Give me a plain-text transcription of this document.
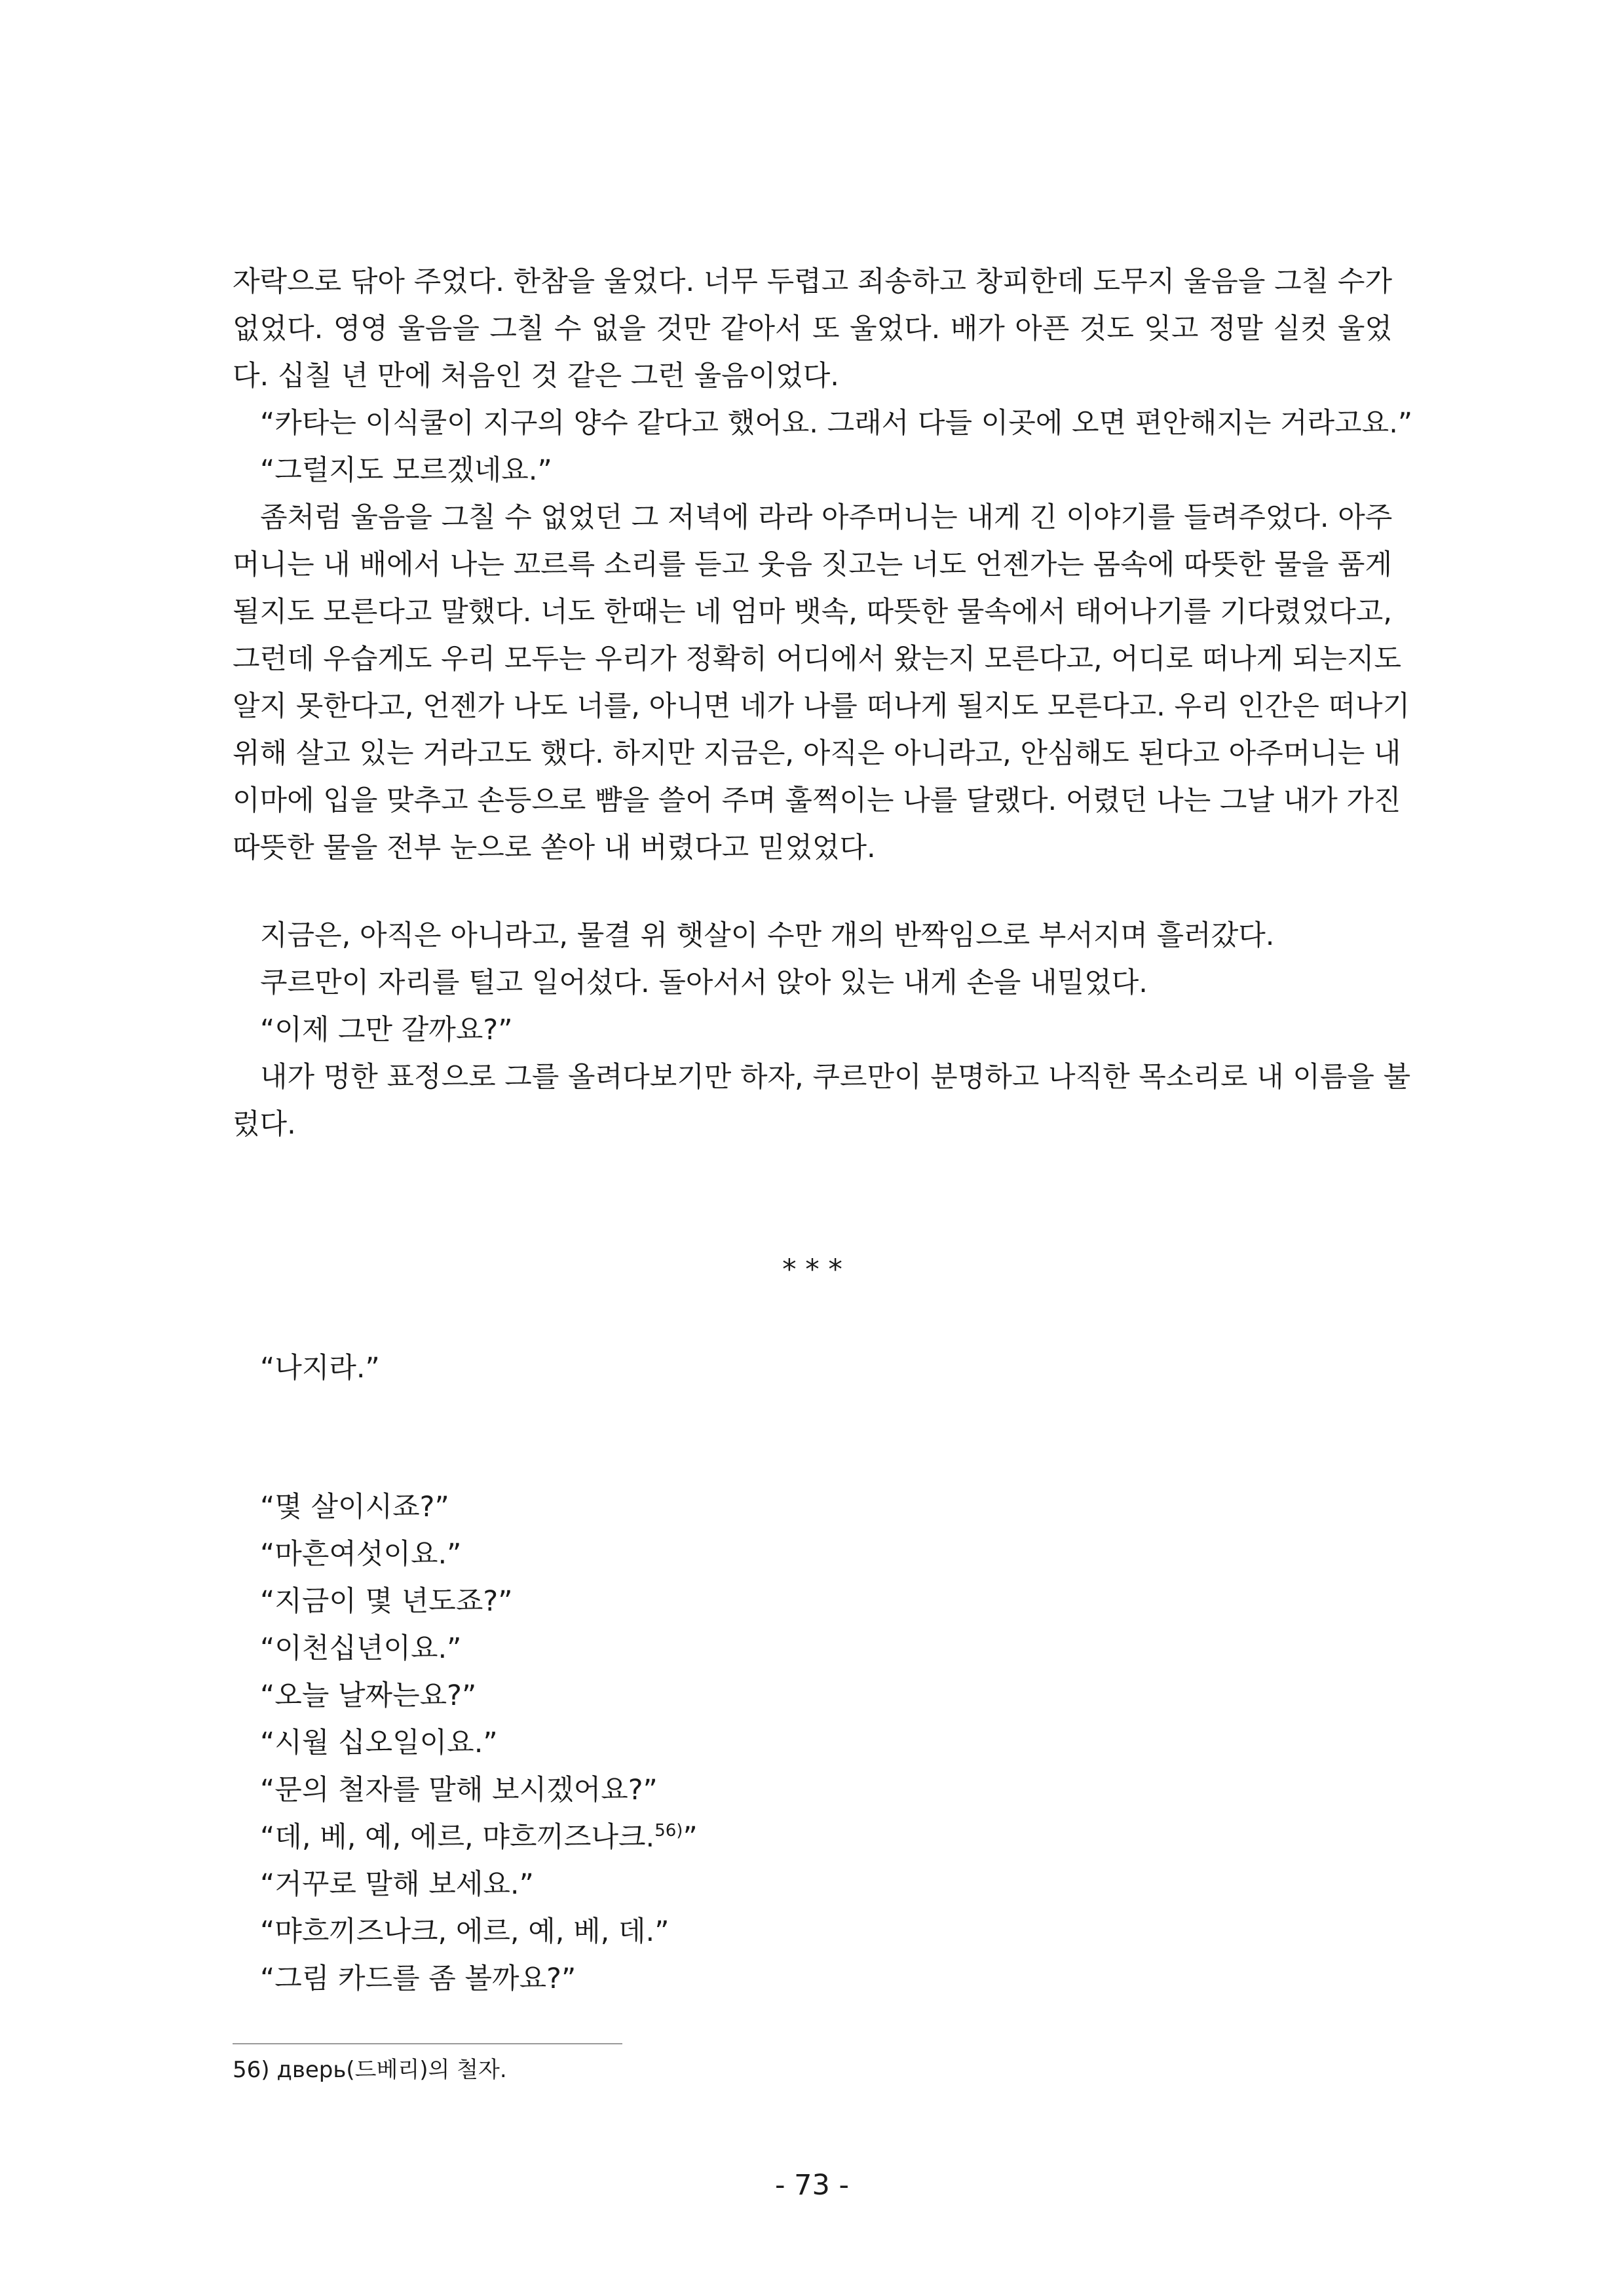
자락으로 닦아 주었다. 한참을 울었다. 너무 두렵고 죄송하고 창피한데 도무지 울음을 그칠 수가

없었다. 영영 울음을 그칠 수 없을 것만 같아서 또 울었다. 배가 아픈 것도 잊고 정말 실컷 울었

다. 십칠 년 만에 처음인 것 같은 그런 울음이었다.

“카타는 이식쿨이 지구의 양수 같다고 했어요. 그래서 다들 이곳에 오면 편안해지는 거라고요.”

“그럴지도 모르겠네요.”

좀처럼 울음을 그칠 수 없었던 그 저녁에 라라 아주머니는 내게 긴 이야기를 들려주었다. 아주

머니는 내 배에서 나는 꼬르륵 소리를 듣고 웃음 짓고는 너도 언젠가는 몸속에 따뜻한 물을 품게

될지도 모른다고 말했다. 너도 한때는 네 엄마 뱃속, 따뜻한 물속에서 태어나기를 기다렸었다고,

그런데 우습게도 우리 모두는 우리가 정확히 어디에서 왔는지 모른다고, 어디로 떠나게 되는지도

알지 못한다고, 언젠가 나도 너를, 아니면 네가 나를 떠나게 될지도 모른다고. 우리 인간은 떠나기

위해 살고 있는 거라고도 했다. 하지만 지금은, 아직은 아니라고, 안심해도 된다고 아주머니는 내

이마에 입을 맞추고 손등으로 뺨을 쓸어 주며 훌쩍이는 나를 달랬다. 어렸던 나는 그날 내가 가진

따뜻한 물을 전부 눈으로 쏟아 내 버렸다고 믿었었다.

지금은, 아직은 아니라고, 물결 위 햇살이 수만 개의 반짝임으로 부서지며 흘러갔다.

쿠르만이 자리를 털고 일어섰다. 돌아서서 앉아 있는 내게 손을 내밀었다.

“이제 그만 갈까요?”

내가 멍한 표정으로 그를 올려다보기만 하자, 쿠르만이 분명하고 나직한 목소리로 내 이름을 불

렀다.

* * *

“나지라.”

“몇 살이시죠?”

“마흔여섯이요.”

“지금이 몇 년도죠?”

“이천십년이요.”

“오늘 날짜는요?”

“시월 십오일이요.”

“문의 철자를 말해 보시겠어요?”

“데, 베, 예, 에르, 먀흐끼즈나크.$^{56)}$”

“거꾸로 말해 보세요.”

“먀흐끼즈나크, 에르, 예, 베, 데.”

“그림 카드를 좀 볼까요?”

56) дверь(드베리)의 철자.

- 73 -
